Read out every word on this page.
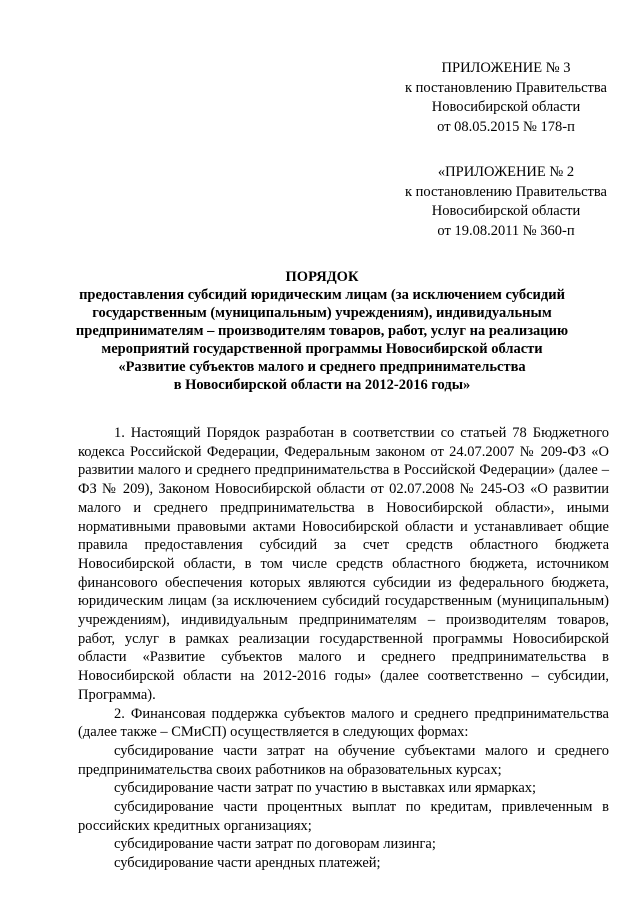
ПРИЛОЖЕНИЕ № 3
к постановлению Правительства
Новосибирской области
от 08.05.2015 № 178-п
«ПРИЛОЖЕНИЕ № 2
к постановлению Правительства
Новосибирской области
от 19.08.2011 № 360-п
ПОРЯДОК
предоставления субсидий юридическим лицам (за исключением субсидий
государственным (муниципальным) учреждениям), индивидуальным
предпринимателям – производителям товаров, работ, услуг на реализацию
мероприятий государственной программы Новосибирской области
«Развитие субъектов малого и среднего предпринимательства
в Новосибирской области на 2012-2016 годы»

1. Настоящий Порядок разработан в соответствии со статьей 78 Бюджетного кодекса Российской Федерации, Федеральным законом от 24.07.2007 № 209-ФЗ «О развитии малого и среднего предпринимательства в Российской Федерации» (далее – ФЗ № 209), Законом Новосибирской области от 02.07.2008 № 245-ОЗ «О развитии малого и среднего предпринимательства в Новосибирской области», иными нормативными правовыми актами Новосибирской области и устанавливает общие правила предоставления субсидий за счет средств областного бюджета Новосибирской области, в том числе средств областного бюджета, источником финансового обеспечения которых являются субсидии из федерального бюджета, юридическим лицам (за исключением субсидий государственным (муниципальным) учреждениям), индивидуальным предпринимателям – производителям товаров, работ, услуг в рамках реализации государственной программы Новосибирской области «Развитие субъектов малого и среднего предпринимательства в Новосибирской области на 2012-2016 годы» (далее соответственно – субсидии, Программа).

2. Финансовая поддержка субъектов малого и среднего предпринимательства (далее также – СМиСП) осуществляется в следующих формах:

субсидирование части затрат на обучение субъектами малого и среднего предпринимательства своих работников на образовательных курсах;

субсидирование части затрат по участию в выставках или ярмарках;

субсидирование части процентных выплат по кредитам, привлеченным в российских кредитных организациях;

субсидирование части затрат по договорам лизинга;

субсидирование части арендных платежей;
